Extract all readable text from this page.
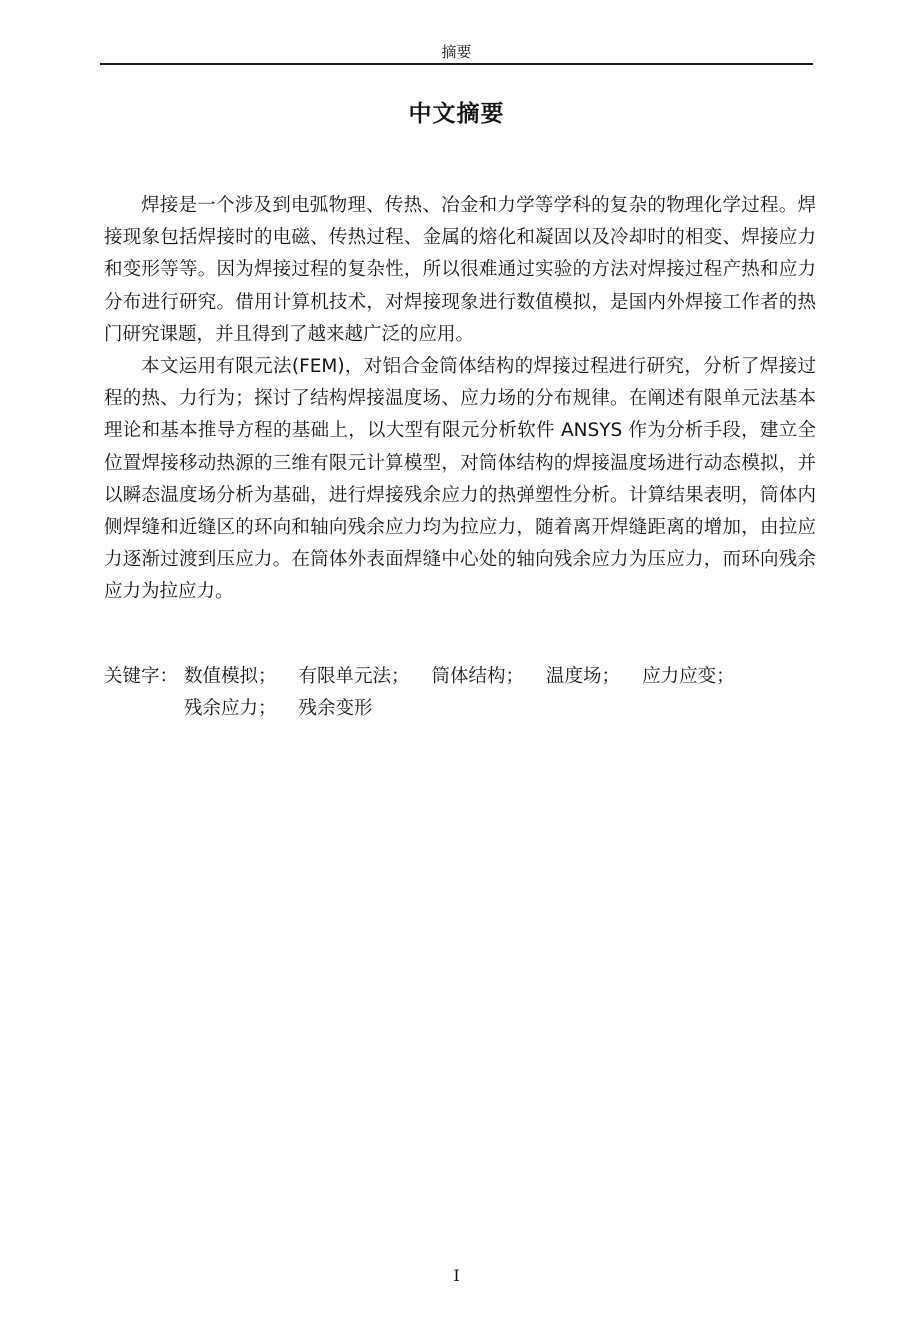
摘要
中文摘要

焊接是一个涉及到电弧物理、传热、冶金和力学等学科的复杂的物理化学过程。焊接现象包括焊接时的电磁、传热过程、金属的熔化和凝固以及冷却时的相变、焊接应力和变形等等。因为焊接过程的复杂性，所以很难通过实验的方法对焊接过程产热和应力分布进行研究。借用计算机技术，对焊接现象进行数值模拟，是国内外焊接工作者的热门研究课题，并且得到了越来越广泛的应用。

本文运用有限元法(FEM)，对铝合金筒体结构的焊接过程进行研究，分析了焊接过程的热、力行为；探讨了结构焊接温度场、应力场的分布规律。在阐述有限单元法基本理论和基本推导方程的基础上，以大型有限元分析软件 ANSYS 作为分析手段，建立全位置焊接移动热源的三维有限元计算模型，对筒体结构的焊接温度场进行动态模拟，并以瞬态温度场分析为基础，进行焊接残余应力的热弹塑性分析。计算结果表明，筒体内侧焊缝和近缝区的环向和轴向残余应力均为拉应力，随着离开焊缝距离的增加，由拉应力逐渐过渡到压应力。在筒体外表面焊缝中心处的轴向残余应力为压应力，而环向残余应力为拉应力。

关键字： 数值模拟； 有限单元法； 筒体结构； 温度场； 应力应变；
残余应力； 残余变形
I
